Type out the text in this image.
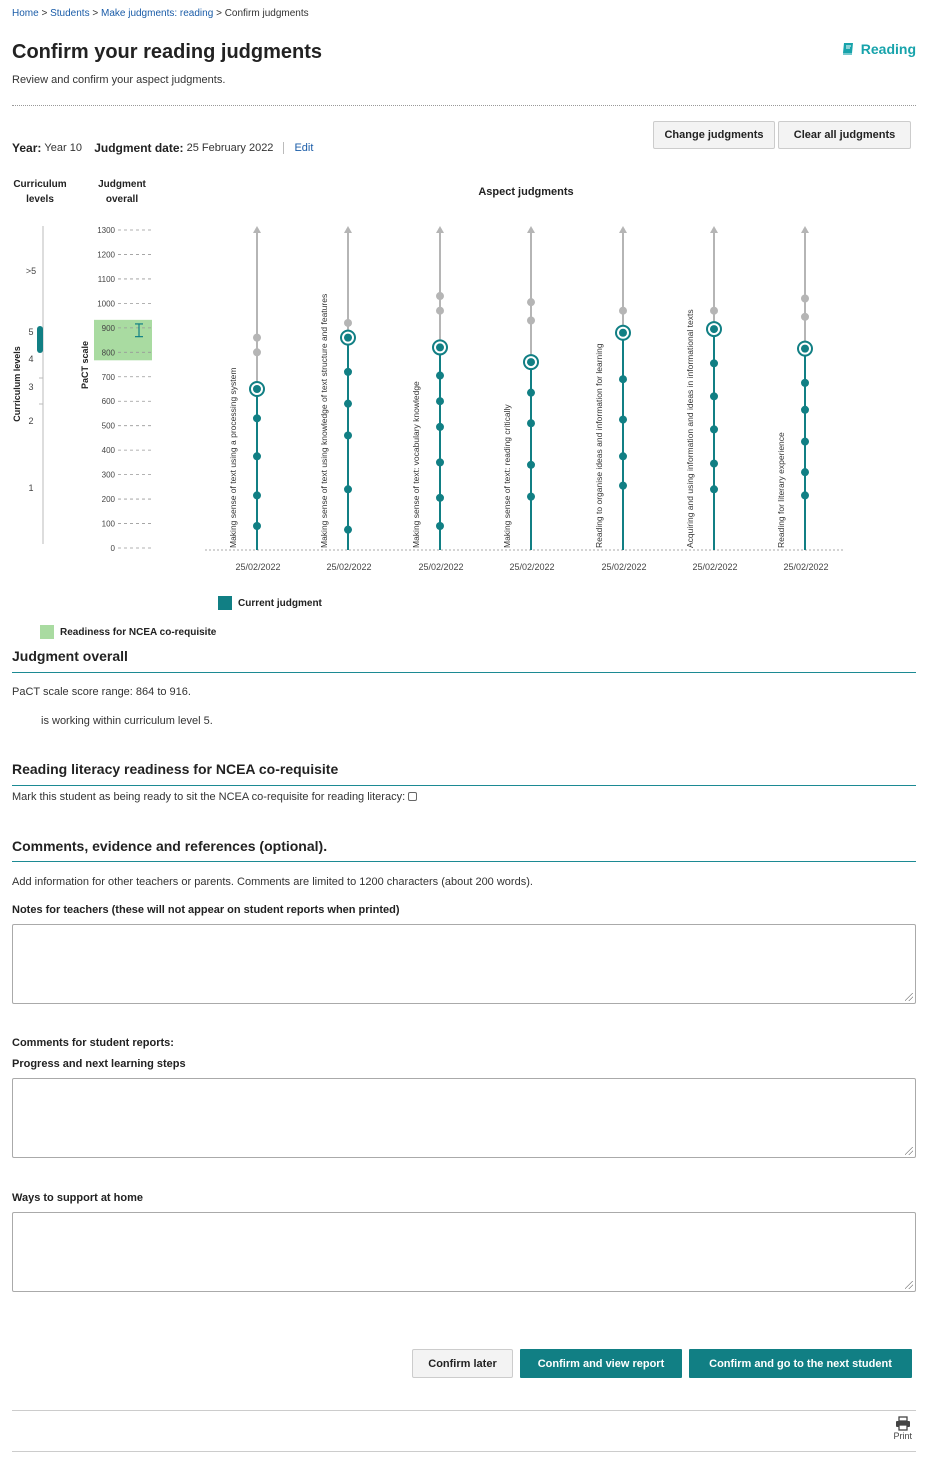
Home > Students > Make judgments: reading > Confirm judgments
Confirm your reading judgments
Review and confirm your aspect judgments.
Reading
Year:
Year 10
Judgment date:
25 February 2022	Edit
Change judgments	Clear all judgments
Curriculum
levels
Judgment
overall
Aspect judgments
>5
5
4
3
2
1
Curriculum levels	PaCT scale
0
100
200
300
400
500
600
700
800
900
1000
1100
1200
1300
Making sense of text using a processing system
25/02/2022
Making sense of text using knowledge of text structure and features
25/02/2022
Making sense of text: vocabulary knowledge
25/02/2022
Making sense of text: reading critically
25/02/2022
Reading to organise ideas and information for learning
25/02/2022
Acquiring and using information and ideas in informational texts
25/02/2022
Reading for literary experience
25/02/2022
Current judgment
Readiness for NCEA co-requisite
Judgment overall
PaCT scale score range: 864 to 916.
is working within curriculum level 5.
Reading literacy readiness for NCEA co-requisite
Mark this student as being ready to sit the NCEA co-requisite for reading literacy:
Comments, evidence and references (optional).
Add information for other teachers or parents. Comments are limited to 1200 characters (about 200 words).
Notes for teachers (these will not appear on student reports when printed)
Comments for student reports:
Progress and next learning steps
Ways to support at home
Confirm later	Confirm and view report	Confirm and go to the next student
Print
